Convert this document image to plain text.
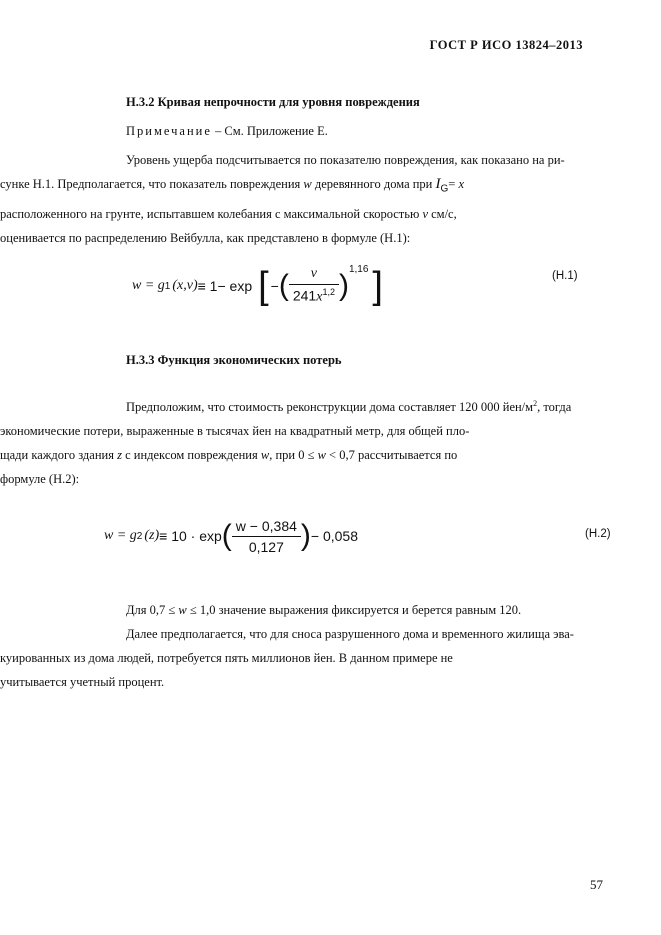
ГОСТ Р ИСО 13824–2013
Н.3.2 Кривая непрочности для уровня повреждения
Примечание – См. Приложение Е.
Уровень ущерба подсчитывается по показателю повреждения, как показано на ри-
сунке Н.1. Предполагается, что показатель повреждения w деревянного дома при $I_G= x$
расположенного на грунте, испытавшем колебания с максимальной скоростью v см/с,
оценивается по распределению Вейбулла, как представлено в формуле (Н.1):
w = g 1 (x,v) ≡ 1− exp [ − ( $\frac{v}{241x^{1,2}} )^{1,16}$ ]	(Н.1)
Н.3.3 Функция экономических потерь
Предположим, что стоимость реконструкции дома составляет 120 000 йен/$м^2$, тогда
экономические потери, выраженные в тысячах йен на квадратный метр, для общей пло-
щади каждого здания z с индексом повреждения w, при 0 ≤ w < 0,7 рассчитывается по
формуле (Н.2):
w = g 2 (z) ≡ 10 · exp ( $\frac{w - 0,384}{0,127}$ ) − 0,058	(Н.2)
Для 0,7 ≤ w ≤ 1,0 значение выражения фиксируется и берется равным 120.
Далее предполагается, что для сноса разрушенного дома и временного жилища эва-
куированных из дома людей, потребуется пять миллионов йен. В данном примере не
учитывается учетный процент.
57
